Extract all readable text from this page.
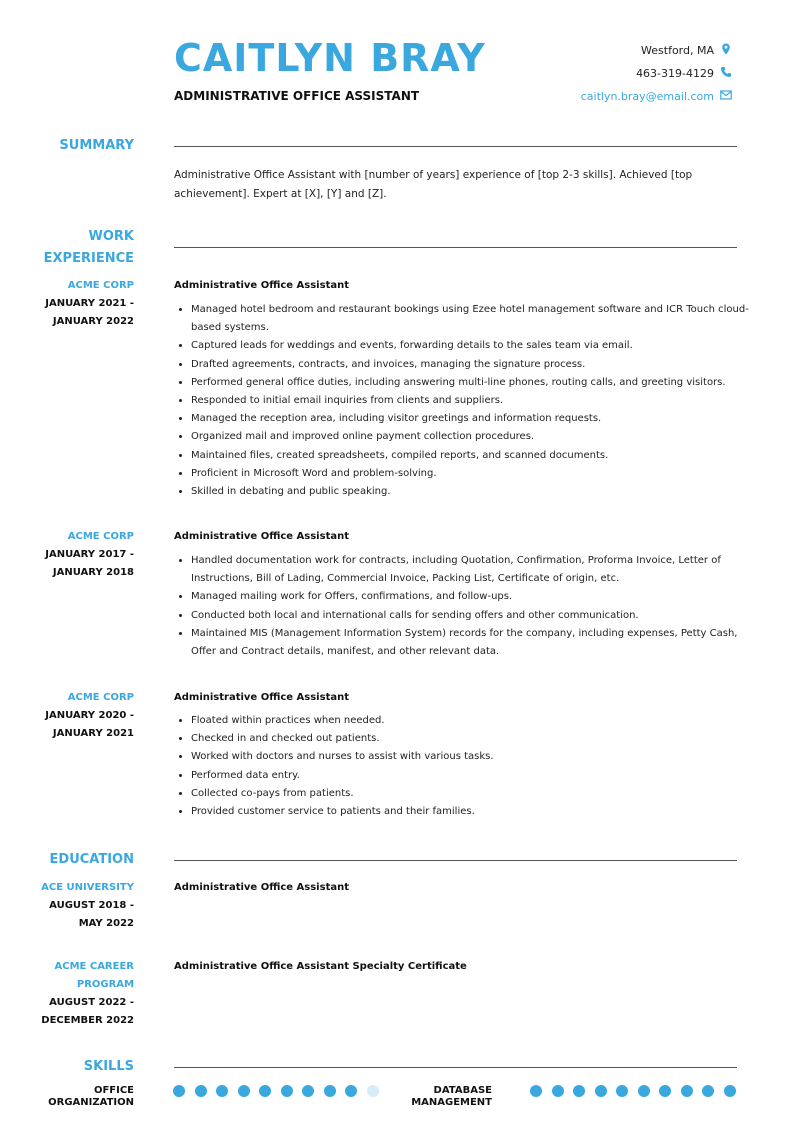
CAITLYN BRAY
ADMINISTRATIVE OFFICE ASSISTANT
Westford, MA
463-319-4129
caitlyn.bray@email.com
SUMMARY
Administrative Office Assistant with [number of years] experience of [top 2-3 skills]. Achieved [top achievement]. Expert at [X], [Y] and [Z].
WORK
EXPERIENCE
ACME CORP
JANUARY 2021 -
JANUARY 2022
Administrative Office Assistant
• Managed hotel bedroom and restaurant bookings using Ezee hotel management software and ICR Touch cloud-based systems.
• Captured leads for weddings and events, forwarding details to the sales team via email.
• Drafted agreements, contracts, and invoices, managing the signature process.
• Performed general office duties, including answering multi-line phones, routing calls, and greeting visitors.
• Responded to initial email inquiries from clients and suppliers.
• Managed the reception area, including visitor greetings and information requests.
• Organized mail and improved online payment collection procedures.
• Maintained files, created spreadsheets, compiled reports, and scanned documents.
• Proficient in Microsoft Word and problem-solving.
• Skilled in debating and public speaking.
ACME CORP
JANUARY 2017 -
JANUARY 2018
Administrative Office Assistant
• Handled documentation work for contracts, including Quotation, Confirmation, Proforma Invoice, Letter of Instructions, Bill of Lading, Commercial Invoice, Packing List, Certificate of origin, etc.
• Managed mailing work for Offers, confirmations, and follow-ups.
• Conducted both local and international calls for sending offers and other communication.
• Maintained MIS (Management Information System) records for the company, including expenses, Petty Cash, Offer and Contract details, manifest, and other relevant data.
ACME CORP
JANUARY 2020 -
JANUARY 2021
Administrative Office Assistant
• Floated within practices when needed.
• Checked in and checked out patients.
• Worked with doctors and nurses to assist with various tasks.
• Performed data entry.
• Collected co-pays from patients.
• Provided customer service to patients and their families.
EDUCATION
ACE UNIVERSITY
AUGUST 2018 -
MAY 2022
Administrative Office Assistant
ACME CAREER
PROGRAM
AUGUST 2022 -
DECEMBER 2022
Administrative Office Assistant Specialty Certificate
SKILLS
OFFICE
ORGANIZATION
DATABASE
MANAGEMENT
